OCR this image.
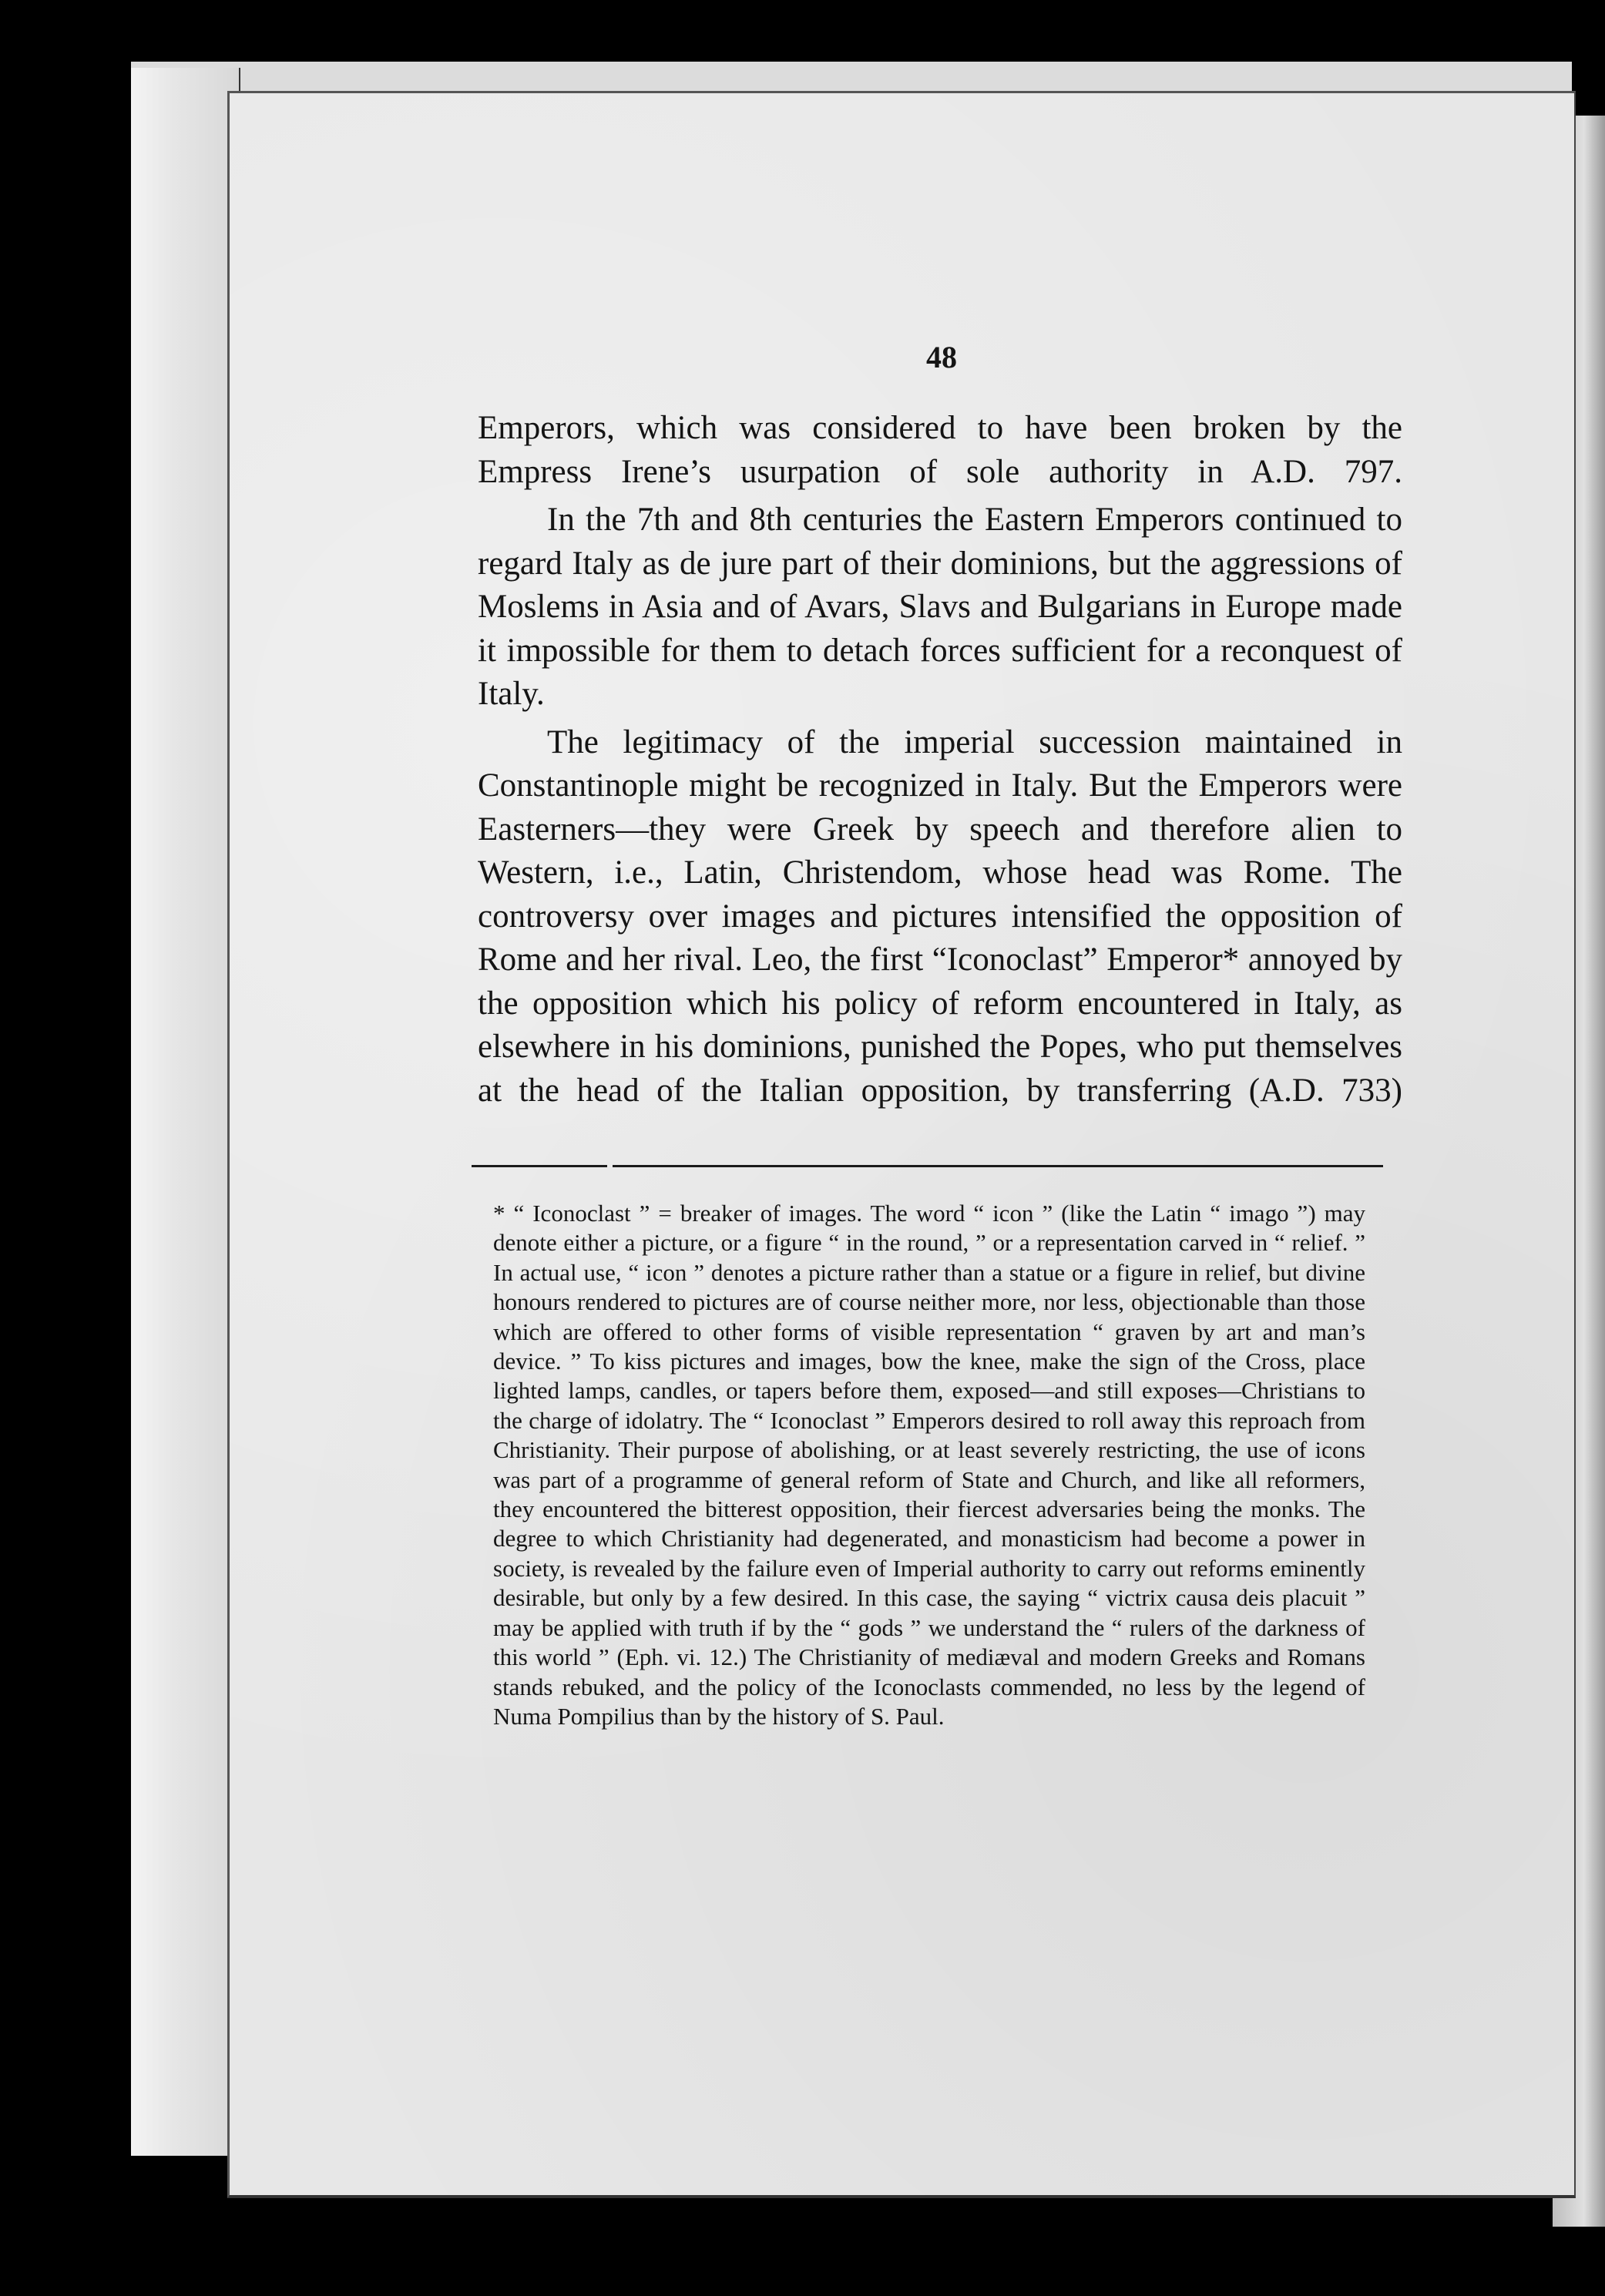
48

Emperors, which was considered to have been broken by the Empress Irene’s usurpation of sole authority in A.D. 797.

In the 7th and 8th centuries the Eastern Emperors continued to regard Italy as de jure part of their dominions, but the aggressions of Moslems in Asia and of Avars, Slavs and Bulgarians in Europe made it impossible for them to detach forces sufficient for a reconquest of Italy.

The legitimacy of the imperial succession maintained in Constantinople might be recognized in Italy. But the Emperors were Easterners—they were Greek by speech and therefore alien to Western, i.e., Latin, Christendom, whose head was Rome. The controversy over images and pictures intensified the opposition of Rome and her rival. Leo, the first “Iconoclast” Emperor* annoyed by the opposition which his policy of reform encountered in Italy, as elsewhere in his dominions, punished the Popes, who put themselves at the head of the Italian opposition, by transferring (A.D. 733)

* “ Iconoclast ” = breaker of images. The word “ icon ” (like the Latin “ imago ”) may denote either a picture, or a figure “ in the round, ” or a representation carved in “ relief. ” In actual use, “ icon ” denotes a picture rather than a statue or a figure in relief, but divine honours rendered to pictures are of course neither more, nor less, objectionable than those which are offered to other forms of visible representation “ graven by art and man’s device. ” To kiss pictures and images, bow the knee, make the sign of the Cross, place lighted lamps, candles, or tapers before them, exposed—and still exposes—Christians to the charge of idolatry. The “ Iconoclast ” Emperors desired to roll away this reproach from Christianity. Their purpose of abolishing, or at least severely restricting, the use of icons was part of a programme of general reform of State and Church, and like all reformers, they encountered the bitterest opposition, their fiercest adversaries being the monks. The degree to which Christianity had degenerated, and monasticism had become a power in society, is revealed by the failure even of Imperial authority to carry out reforms eminently desirable, but only by a few desired. In this case, the saying “ victrix causa deis placuit ” may be applied with truth if by the “ gods ” we understand the “ rulers of the darkness of this world ” (Eph. vi. 12.) The Christianity of mediæval and modern Greeks and Romans stands rebuked, and the policy of the Iconoclasts commended, no less by the legend of Numa Pompilius than by the history of S. Paul.
